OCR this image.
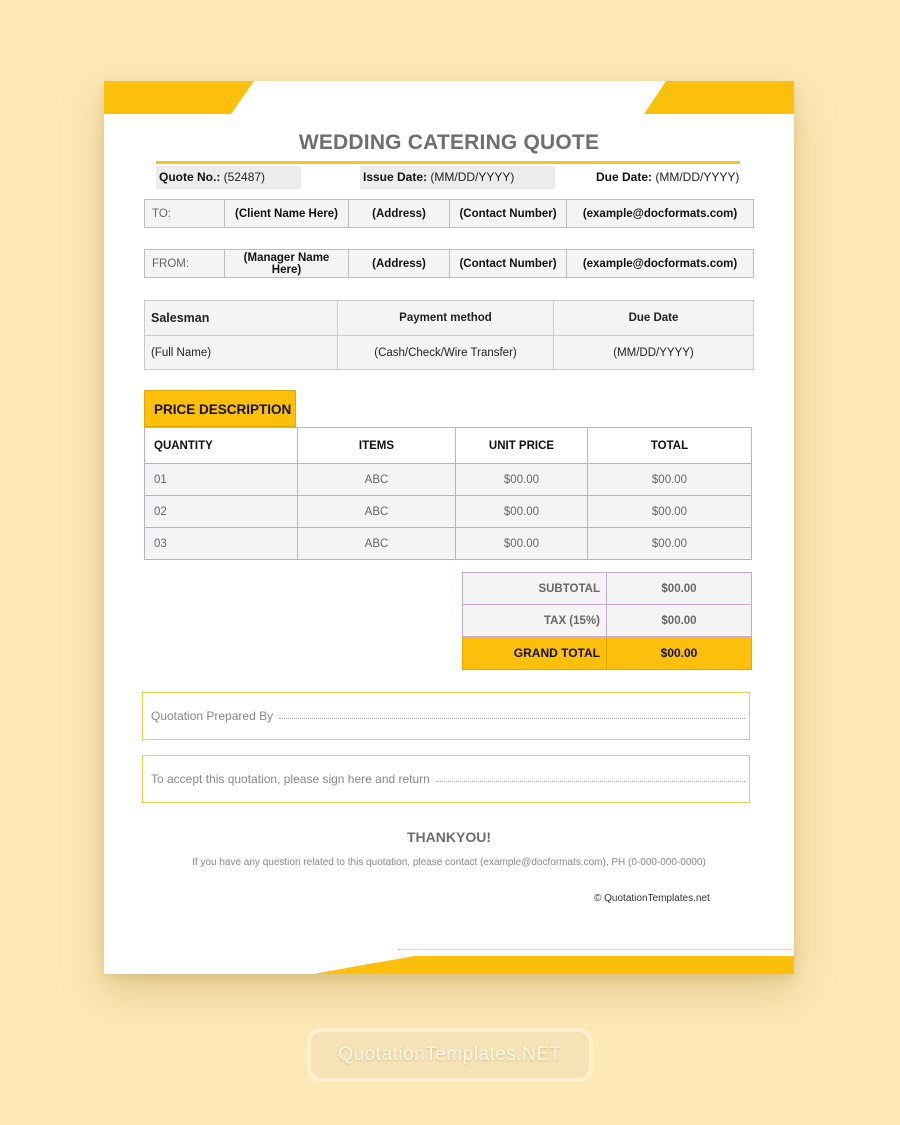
WEDDING CATERING QUOTE
Quote No.: (52487)	Issue Date: (MM/DD/YYYY)	Due Date: (MM/DD/YYYY)
TO:	(Client Name Here)	(Address)	(Contact Number)	(example@docformats.com)
FROM:	(Manager Name Here)	(Address)	(Contact Number)	(example@docformats.com)
Salesman	Payment method	Due Date
(Full Name)	(Cash/Check/Wire Transfer)	(MM/DD/YYYY)
PRICE DESCRIPTION
QUANTITY	ITEMS	UNIT PRICE	TOTAL
01	ABC	$00.00	$00.00
02	ABC	$00.00	$00.00
03	ABC	$00.00	$00.00
SUBTOTAL	$00.00
TAX (15%)	$00.00
GRAND TOTAL	$00.00
Quotation Prepared By
To accept this quotation, please sign here and return
THANKYOU!
If you have any question related to this quotation, please contact (example@docformats.com), PH (0-000-000-0000)
© QuotationTemplates.net
QuotationTemplates.NET
